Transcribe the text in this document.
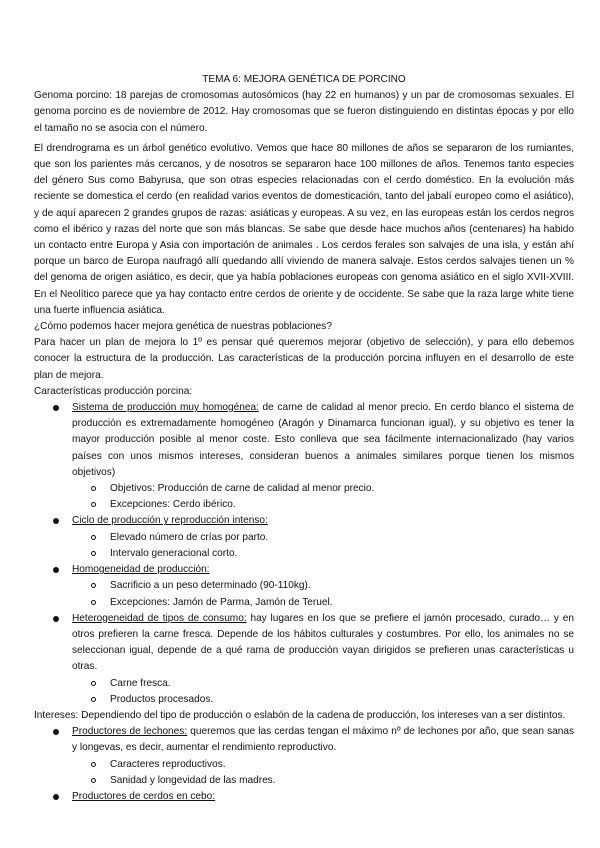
TEMA 6: MEJORA GENÉTICA DE PORCINO

Genoma porcino: 18 parejas de cromosomas autosómicos (hay 22 en humanos) y un par de cromosomas sexuales. El genoma porcino es de noviembre de 2012. Hay cromosomas que se fueron distinguiendo en distintas épocas y por ello el tamaño no se asocia con el número.

El drendrograma es un árbol genético evolutivo. Vemos que hace 80 millones de años se separaron de los rumiantes, que son los parientes más cercanos, y de nosotros se separaron hace 100 millones de años. Tenemos tanto especies del género Sus como Babyrusa, que son otras especies relacionadas con el cerdo doméstico. En la evolución más reciente se domestica el cerdo (en realidad varios eventos de domesticación, tanto del jabalí europeo como el asiático), y de aquí aparecen 2 grandes grupos de razas: asiáticas y europeas. A su vez, en las europeas están los cerdos negros como el ibérico y razas del norte que son más blancas. Se sabe que desde hace muchos años (centenares) ha habido un contacto entre Europa y Asia con importación de animales . Los cerdos ferales son salvajes de una isla, y están ahí porque un barco de Europa naufragó allí quedando allí viviendo de manera salvaje. Estos cerdos salvajes tienen un % del genoma de origen asiático, es decir, que ya había poblaciones europeas con genoma asiático en el siglo XVII-XVIII. En el Neolítico parece que ya hay contacto entre cerdos de oriente y de occidente. Se sabe que la raza large white tiene una fuerte influencia asiática.

¿Cómo podemos hacer mejora genética de nuestras poblaciones?

Para hacer un plan de mejora lo 1º es pensar qué queremos mejorar (objetivo de selección), y para ello debemos conocer la estructura de la producción. Las características de la producción porcina influyen en el desarrollo de este plan de mejora.

Características producción porcina:

Sistema de producción muy homogénea: de carne de calidad al menor precio. En cerdo blanco el sistema de producción es extremadamente homogéneo (Aragón y Dinamarca funcionan igual), y su objetivo es tener la mayor producción posible al menor coste. Esto conlleva que sea fácilmente internacionalizado (hay varios países con unos mismos intereses, consideran buenos a animales similares porque tienen los mismos objetivos)
Objetivos: Producción de carne de calidad al menor precio.
Excepciones: Cerdo ibérico.
Ciclo de producción y reproducción intenso:
Elevado número de crías por parto.
Intervalo generacional corto.
Homogeneidad de producción:
Sacrificio a un peso determinado (90-110kg).
Excepciones: Jamón de Parma, Jamón de Teruel.
Heterogeneidad de tipos de consumo: hay lugares en los que se prefiere el jamón procesado, curado… y en otros prefieren la carne fresca. Depende de los hábitos culturales y costumbres. Por ello, los animales no se seleccionan igual, depende de a qué rama de producción vayan dirigidos se prefieren unas características u otras.
Carne fresca.
Productos procesados.

Intereses: Dependiendo del tipo de producción o eslabón de la cadena de producción, los intereses van a ser distintos.

Productores de lechones: queremos que las cerdas tengan el máximo nº de lechones por año, que sean sanas y longevas, es decir, aumentar el rendimiento reproductivo.
Caracteres reproductivos.
Sanidad y longevidad de las madres.
Productores de cerdos en cebo:
